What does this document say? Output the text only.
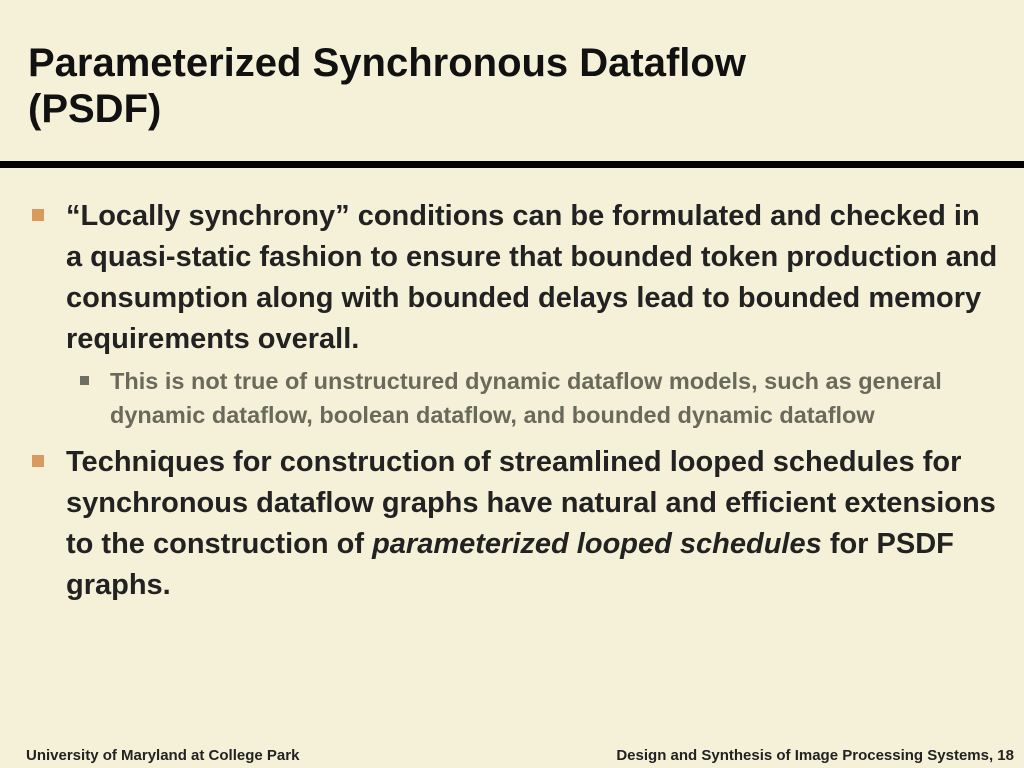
Parameterized Synchronous Dataflow
(PSDF)
“Locally synchrony” conditions can be formulated and checked in a quasi-static fashion to ensure that bounded token production and consumption along with bounded delays lead to bounded memory requirements overall.
This is not true of unstructured dynamic dataflow models, such as general dynamic dataflow, boolean dataflow, and bounded dynamic dataflow
Techniques for construction of streamlined looped schedules for synchronous dataflow graphs have natural and efficient extensions to the construction of parameterized looped schedules for PSDF graphs.
University of Maryland at College Park	Design and Synthesis of Image Processing Systems, 18
